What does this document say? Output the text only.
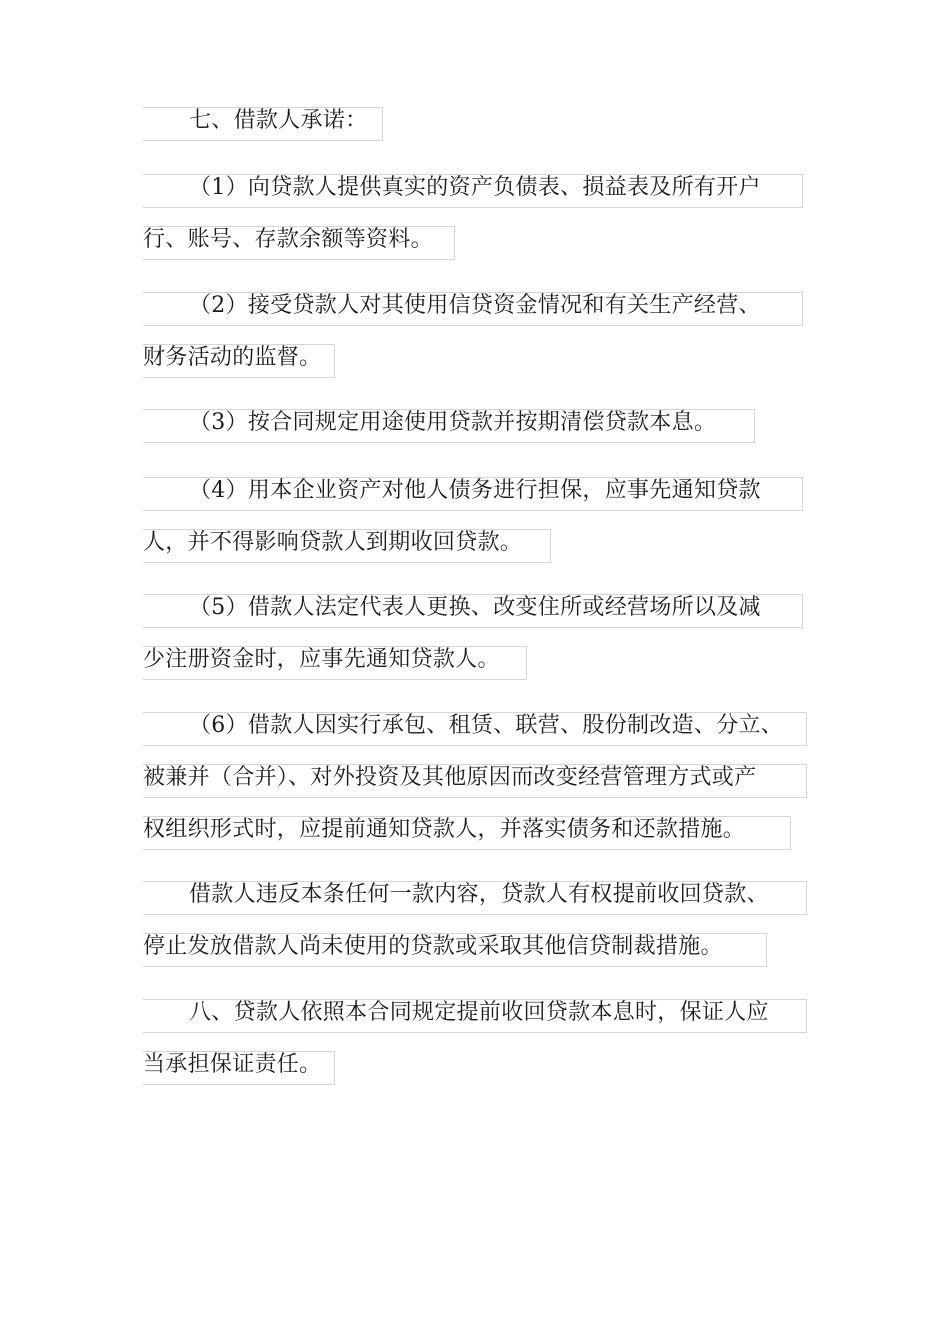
七、借款人承诺：
（1）向贷款人提供真实的资产负债表、损益表及所有开户
行、账号、存款余额等资料。
（2）接受贷款人对其使用信贷资金情况和有关生产经营、
财务活动的监督。
（3）按合同规定用途使用贷款并按期清偿贷款本息。
（4）用本企业资产对他人债务进行担保，应事先通知贷款
人，并不得影响贷款人到期收回贷款。
（5）借款人法定代表人更换、改变住所或经营场所以及减
少注册资金时，应事先通知贷款人。
（6）借款人因实行承包、租赁、联营、股份制改造、分立、
被兼并（合并）、对外投资及其他原因而改变经营管理方式或产
权组织形式时，应提前通知贷款人，并落实债务和还款措施。
借款人违反本条任何一款内容，贷款人有权提前收回贷款、
停止发放借款人尚未使用的贷款或采取其他信贷制裁措施。
八、贷款人依照本合同规定提前收回贷款本息时，保证人应
当承担保证责任。
